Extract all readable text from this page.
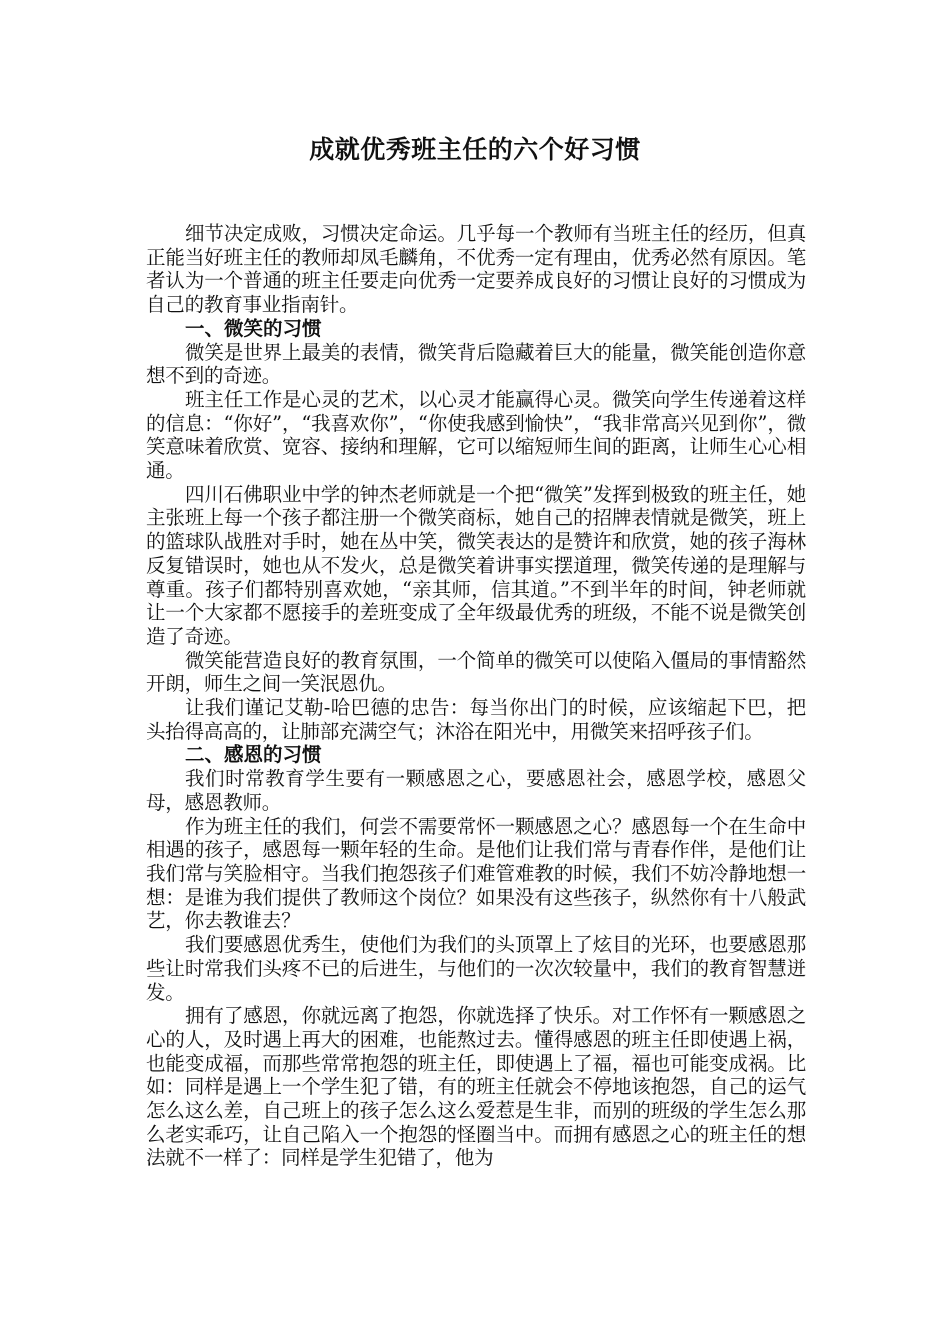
成就优秀班主任的六个好习惯

细节决定成败，习惯决定命运。几乎每一个教师有当班主任的经历，但真正能当好班主任的教师却凤毛麟角，不优秀一定有理由，优秀必然有原因。笔者认为一个普通的班主任要走向优秀一定要养成良好的习惯让良好的习惯成为自己的教育事业指南针。

一、微笑的习惯

微笑是世界上最美的表情，微笑背后隐藏着巨大的能量，微笑能创造你意想不到的奇迹。

班主任工作是心灵的艺术，以心灵才能赢得心灵。微笑向学生传递着这样的信息：“你好”，“我喜欢你”，“你使我感到愉快”，“我非常高兴见到你”，微笑意味着欣赏、宽容、接纳和理解，它可以缩短师生间的距离，让师生心心相通。

四川石佛职业中学的钟杰老师就是一个把“微笑”发挥到极致的班主任，她主张班上每一个孩子都注册一个微笑商标，她自己的招牌表情就是微笑，班上的篮球队战胜对手时，她在丛中笑，微笑表达的是赞许和欣赏，她的孩子海林反复错误时，她也从不发火，总是微笑着讲事实摆道理，微笑传递的是理解与尊重。孩子们都特别喜欢她，“亲其师，信其道。”不到半年的时间，钟老师就让一个大家都不愿接手的差班变成了全年级最优秀的班级，不能不说是微笑创造了奇迹。

微笑能营造良好的教育氛围，一个简单的微笑可以使陷入僵局的事情豁然开朗，师生之间一笑泯恩仇。

让我们谨记艾勒-哈巴德的忠告：每当你出门的时候，应该缩起下巴，把头抬得高高的，让肺部充满空气；沐浴在阳光中，用微笑来招呼孩子们。

二、感恩的习惯

我们时常教育学生要有一颗感恩之心，要感恩社会，感恩学校，感恩父母，感恩教师。

作为班主任的我们，何尝不需要常怀一颗感恩之心？感恩每一个在生命中相遇的孩子，感恩每一颗年轻的生命。是他们让我们常与青春作伴，是他们让我们常与笑脸相守。当我们抱怨孩子们难管难教的时候，我们不妨冷静地想一想：是谁为我们提供了教师这个岗位？如果没有这些孩子，纵然你有十八般武艺，你去教谁去？

我们要感恩优秀生，使他们为我们的头顶罩上了炫目的光环，也要感恩那些让时常我们头疼不已的后进生，与他们的一次次较量中，我们的教育智慧迸发。

拥有了感恩，你就远离了抱怨，你就选择了快乐。对工作怀有一颗感恩之心的人，及时遇上再大的困难，也能熬过去。懂得感恩的班主任即使遇上祸，也能变成福，而那些常常抱怨的班主任，即使遇上了福，福也可能变成祸。比如：同样是遇上一个学生犯了错，有的班主任就会不停地该抱怨，自己的运气怎么这么差，自己班上的孩子怎么这么爱惹是生非，而别的班级的学生怎么那么老实乖巧，让自己陷入一个抱怨的怪圈当中。而拥有感恩之心的班主任的想法就不一样了：同样是学生犯错了，他为
